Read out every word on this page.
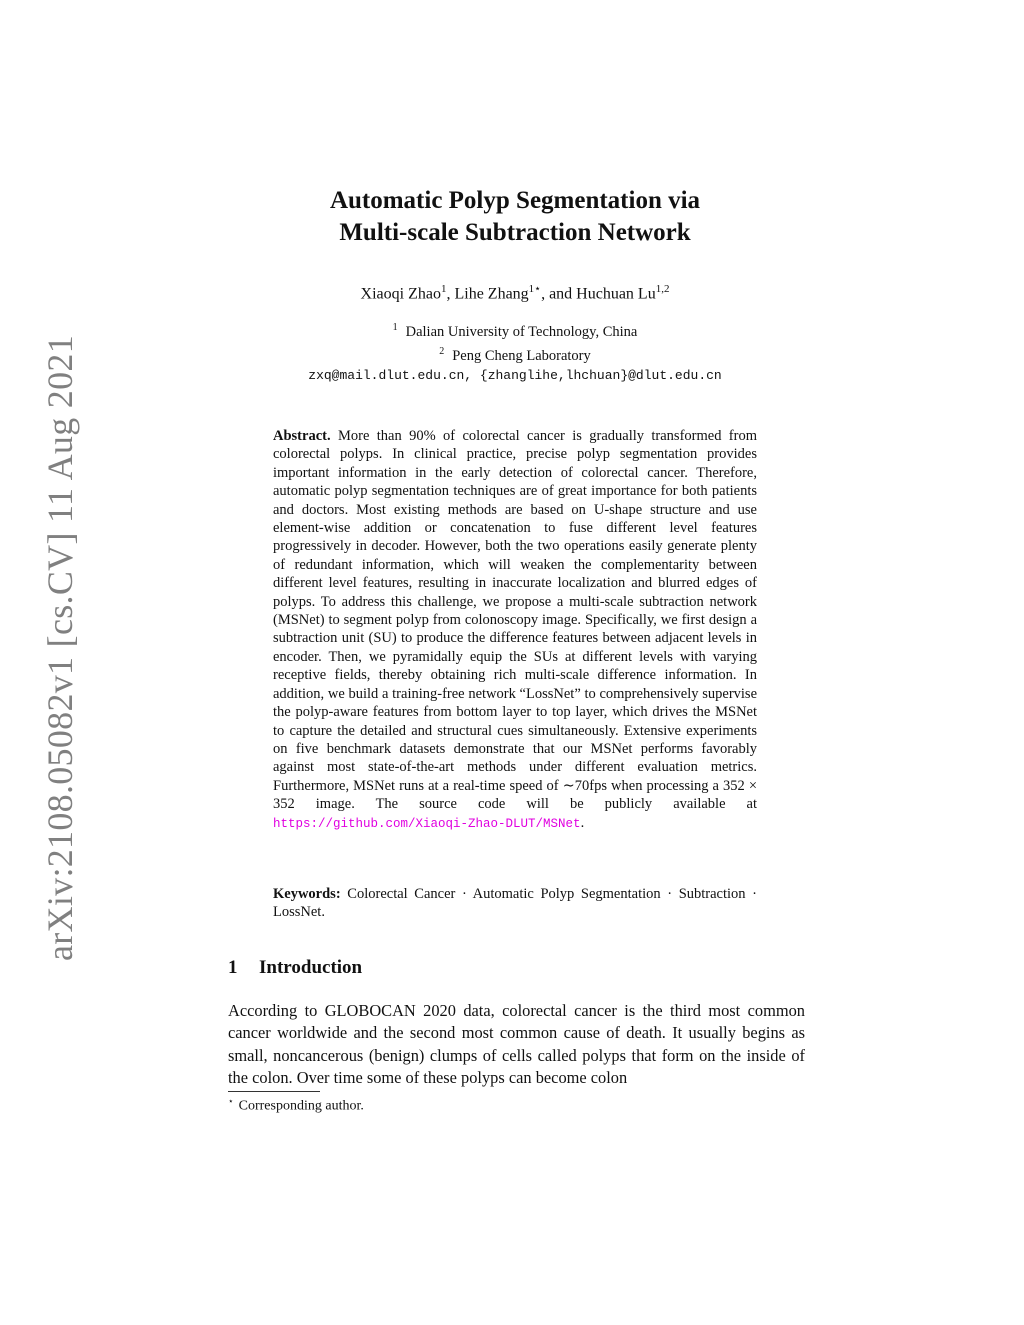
arXiv:2108.05082v1 [cs.CV] 11 Aug 2021
Automatic Polyp Segmentation via
Multi-scale Subtraction Network
Xiaoqi Zhao$^1$, Lihe Zhang$^{1⋆}$, and Huchuan Lu$^{1,2}$
$^1$ Dalian University of Technology, China
$^2$ Peng Cheng Laboratory
zxq@mail.dlut.edu.cn, {zhanglihe,lhchuan}@dlut.edu.cn
Abstract. More than 90% of colorectal cancer is gradually transformed from colorectal polyps. In clinical practice, precise polyp segmentation provides important information in the early detection of colorectal cancer. Therefore, automatic polyp segmentation techniques are of great importance for both patients and doctors. Most existing methods are based on U-shape structure and use element-wise addition or concatenation to fuse different level features progressively in decoder. However, both the two operations easily generate plenty of redundant information, which will weaken the complementarity between different level features, resulting in inaccurate localization and blurred edges of polyps. To address this challenge, we propose a multi-scale subtraction network (MSNet) to segment polyp from colonoscopy image. Specifically, we first design a subtraction unit (SU) to produce the difference features between adjacent levels in encoder. Then, we pyramidally equip the SUs at different levels with varying receptive fields, thereby obtaining rich multi-scale difference information. In addition, we build a training-free network “LossNet” to comprehensively supervise the polyp-aware features from bottom layer to top layer, which drives the MSNet to capture the detailed and structural cues simultaneously. Extensive experiments on five benchmark datasets demonstrate that our MSNet performs favorably against most state-of-the-art methods under different evaluation metrics. Furthermore, MSNet runs at a real-time speed of ∼70fps when processing a 352 × 352 image. The source code will be publicly available at https://github.com/Xiaoqi-Zhao-DLUT/MSNet.
Keywords: Colorectal Cancer · Automatic Polyp Segmentation · Subtraction · LossNet.
1 Introduction
According to GLOBOCAN 2020 data, colorectal cancer is the third most common cancer worldwide and the second most common cause of death. It usually begins as small, noncancerous (benign) clumps of cells called polyps that form on the inside of the colon. Over time some of these polyps can become colon
⋆ Corresponding author.
